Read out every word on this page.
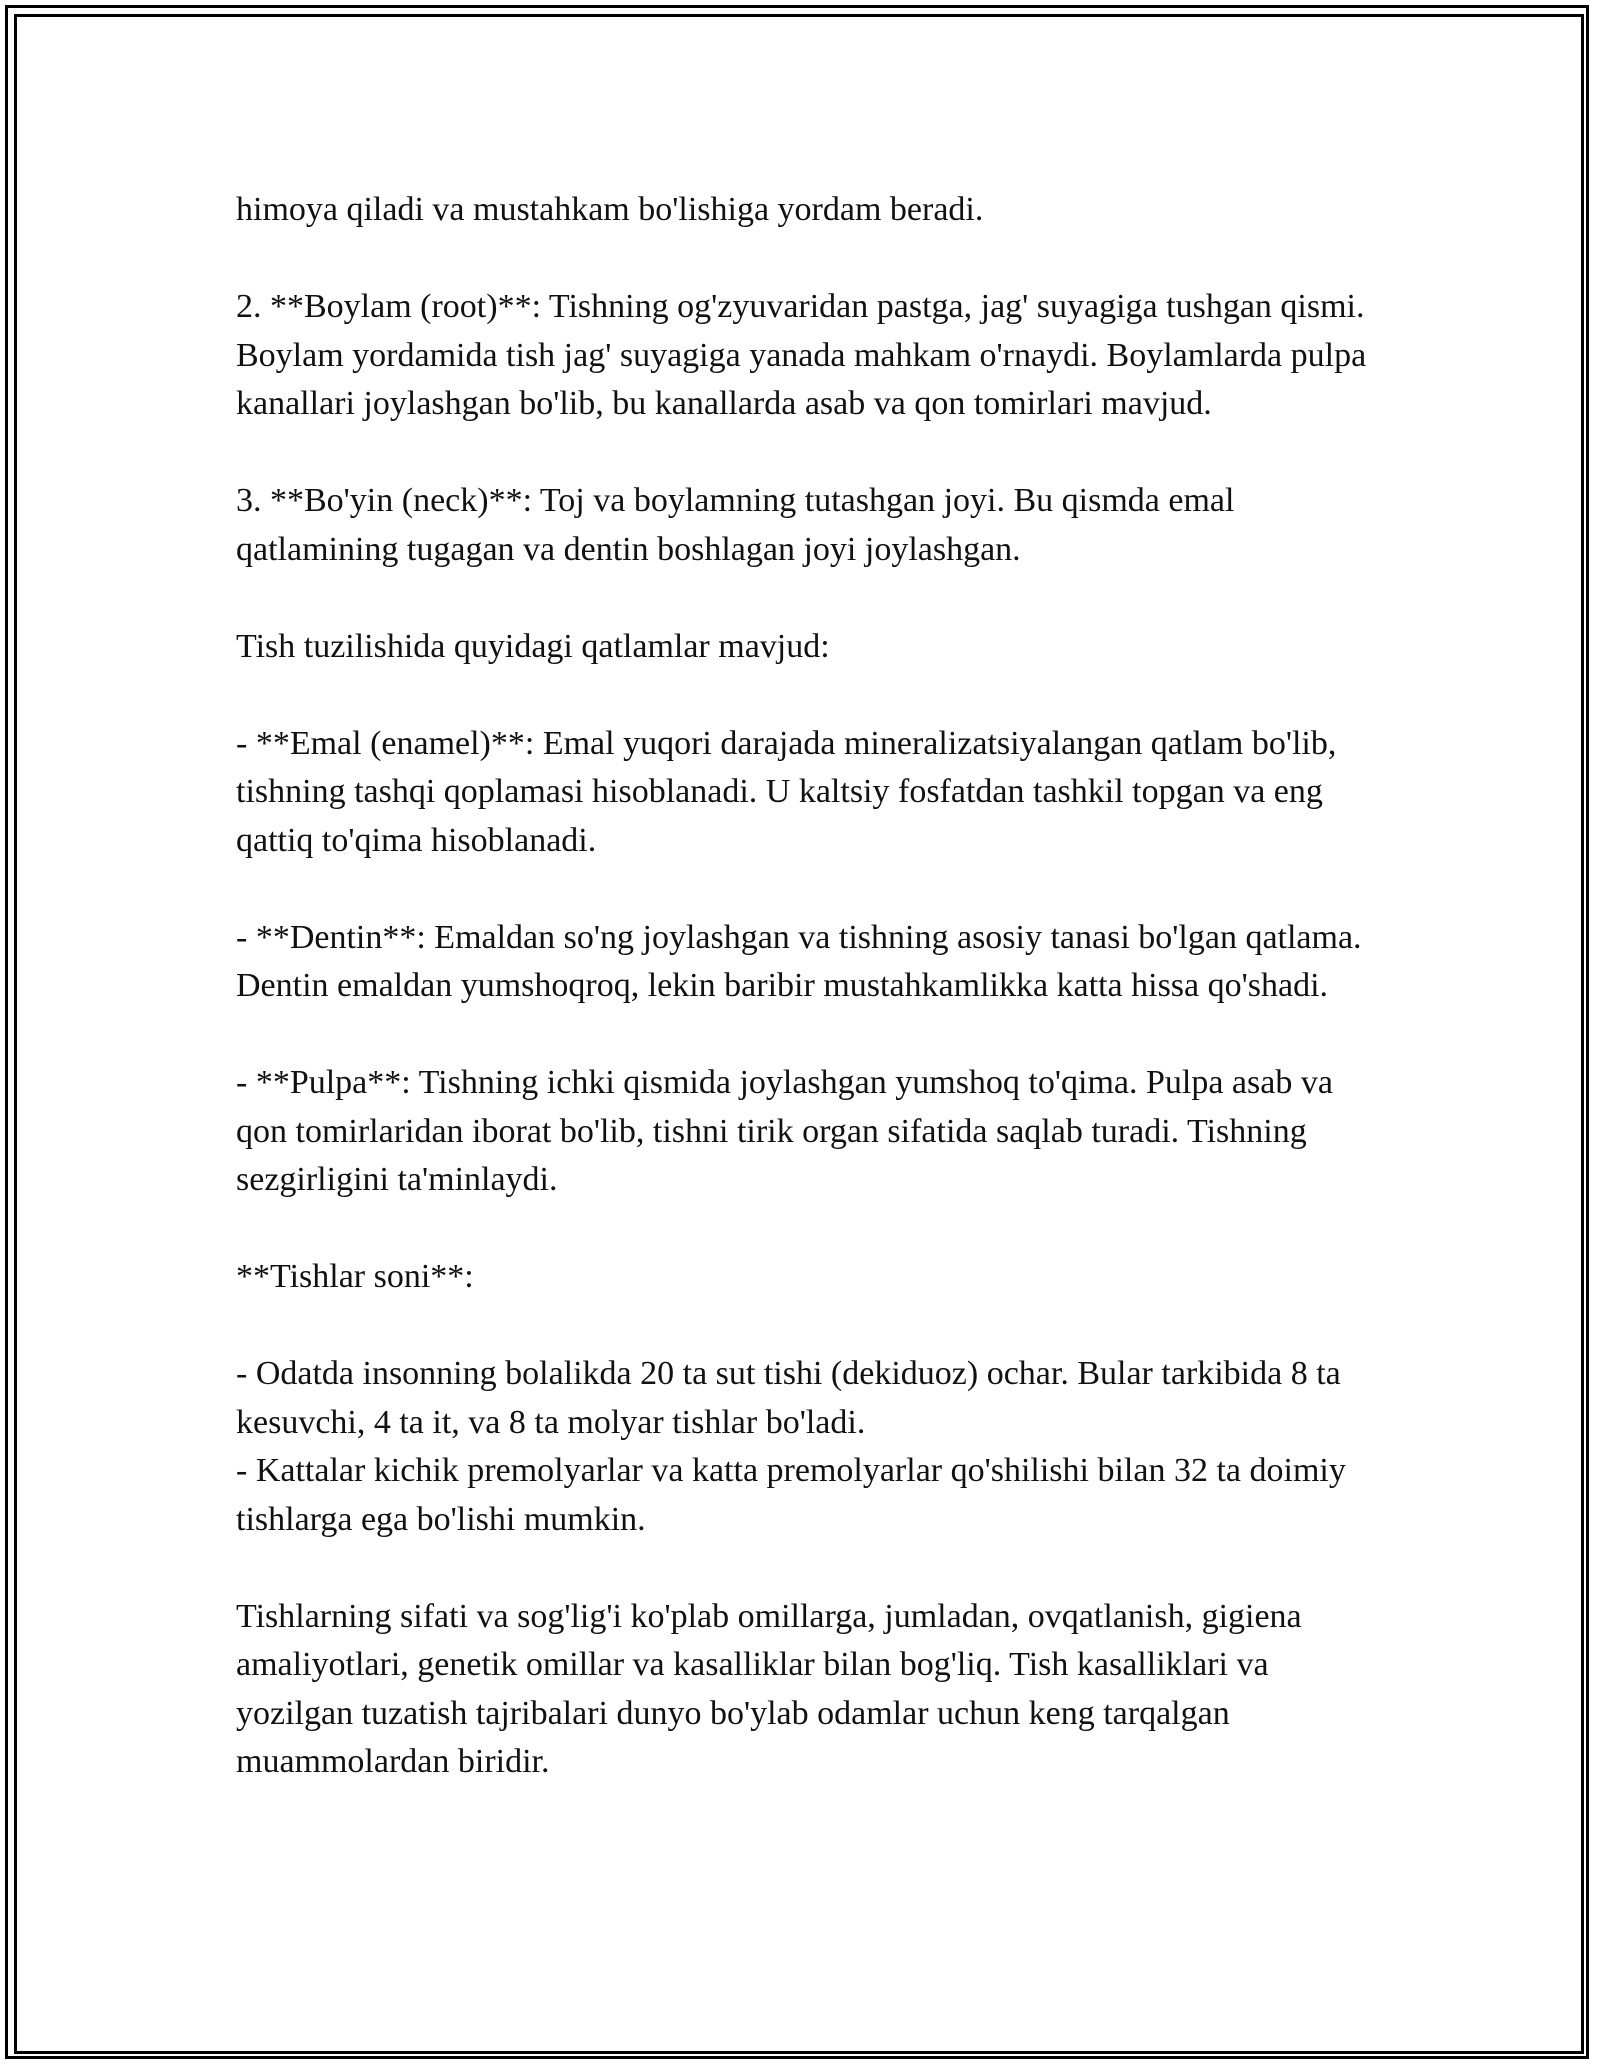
himoya qiladi va mustahkam bo'lishiga yordam beradi.

2. **Boylam (root)**: Tishning og'zyuvaridan pastga, jag' suyagiga tushgan qismi. Boylam yordamida tish jag' suyagiga yanada mahkam o'rnaydi. Boylamlarda pulpa kanallari joylashgan bo'lib, bu kanallarda asab va qon tomirlari mavjud.

3. **Bo'yin (neck)**: Toj va boylamning tutashgan joyi. Bu qismda emal qatlamining tugagan va dentin boshlagan joyi joylashgan.

Tish tuzilishida quyidagi qatlamlar mavjud:

- **Emal (enamel)**: Emal yuqori darajada mineralizatsiyalangan qatlam bo'lib, tishning tashqi qoplamasi hisoblanadi. U kaltsiy fosfatdan tashkil topgan va eng qattiq to'qima hisoblanadi.

- **Dentin**: Emaldan so'ng joylashgan va tishning asosiy tanasi bo'lgan qatlama. Dentin emaldan yumshoqroq, lekin baribir mustahkamlikka katta hissa qo'shadi.

- **Pulpa**: Tishning ichki qismida joylashgan yumshoq to'qima. Pulpa asab va qon tomirlaridan iborat bo'lib, tishni tirik organ sifatida saqlab turadi. Tishning sezgirligini ta'minlaydi.

**Tishlar soni**:

- Odatda insonning bolalikda 20 ta sut tishi (dekiduoz) ochar. Bular tarkibida 8 ta kesuvchi, 4 ta it, va 8 ta molyar tishlar bo'ladi.
- Kattalar kichik premolyarlar va katta premolyarlar qo'shilishi bilan 32 ta doimiy tishlarga ega bo'lishi mumkin.

Tishlarning sifati va sog'lig'i ko'plab omillarga, jumladan, ovqatlanish, gigiena amaliyotlari, genetik omillar va kasalliklar bilan bog'liq. Tish kasalliklari va yozilgan tuzatish tajribalari dunyo bo'ylab odamlar uchun keng tarqalgan muammolardan biridir.
